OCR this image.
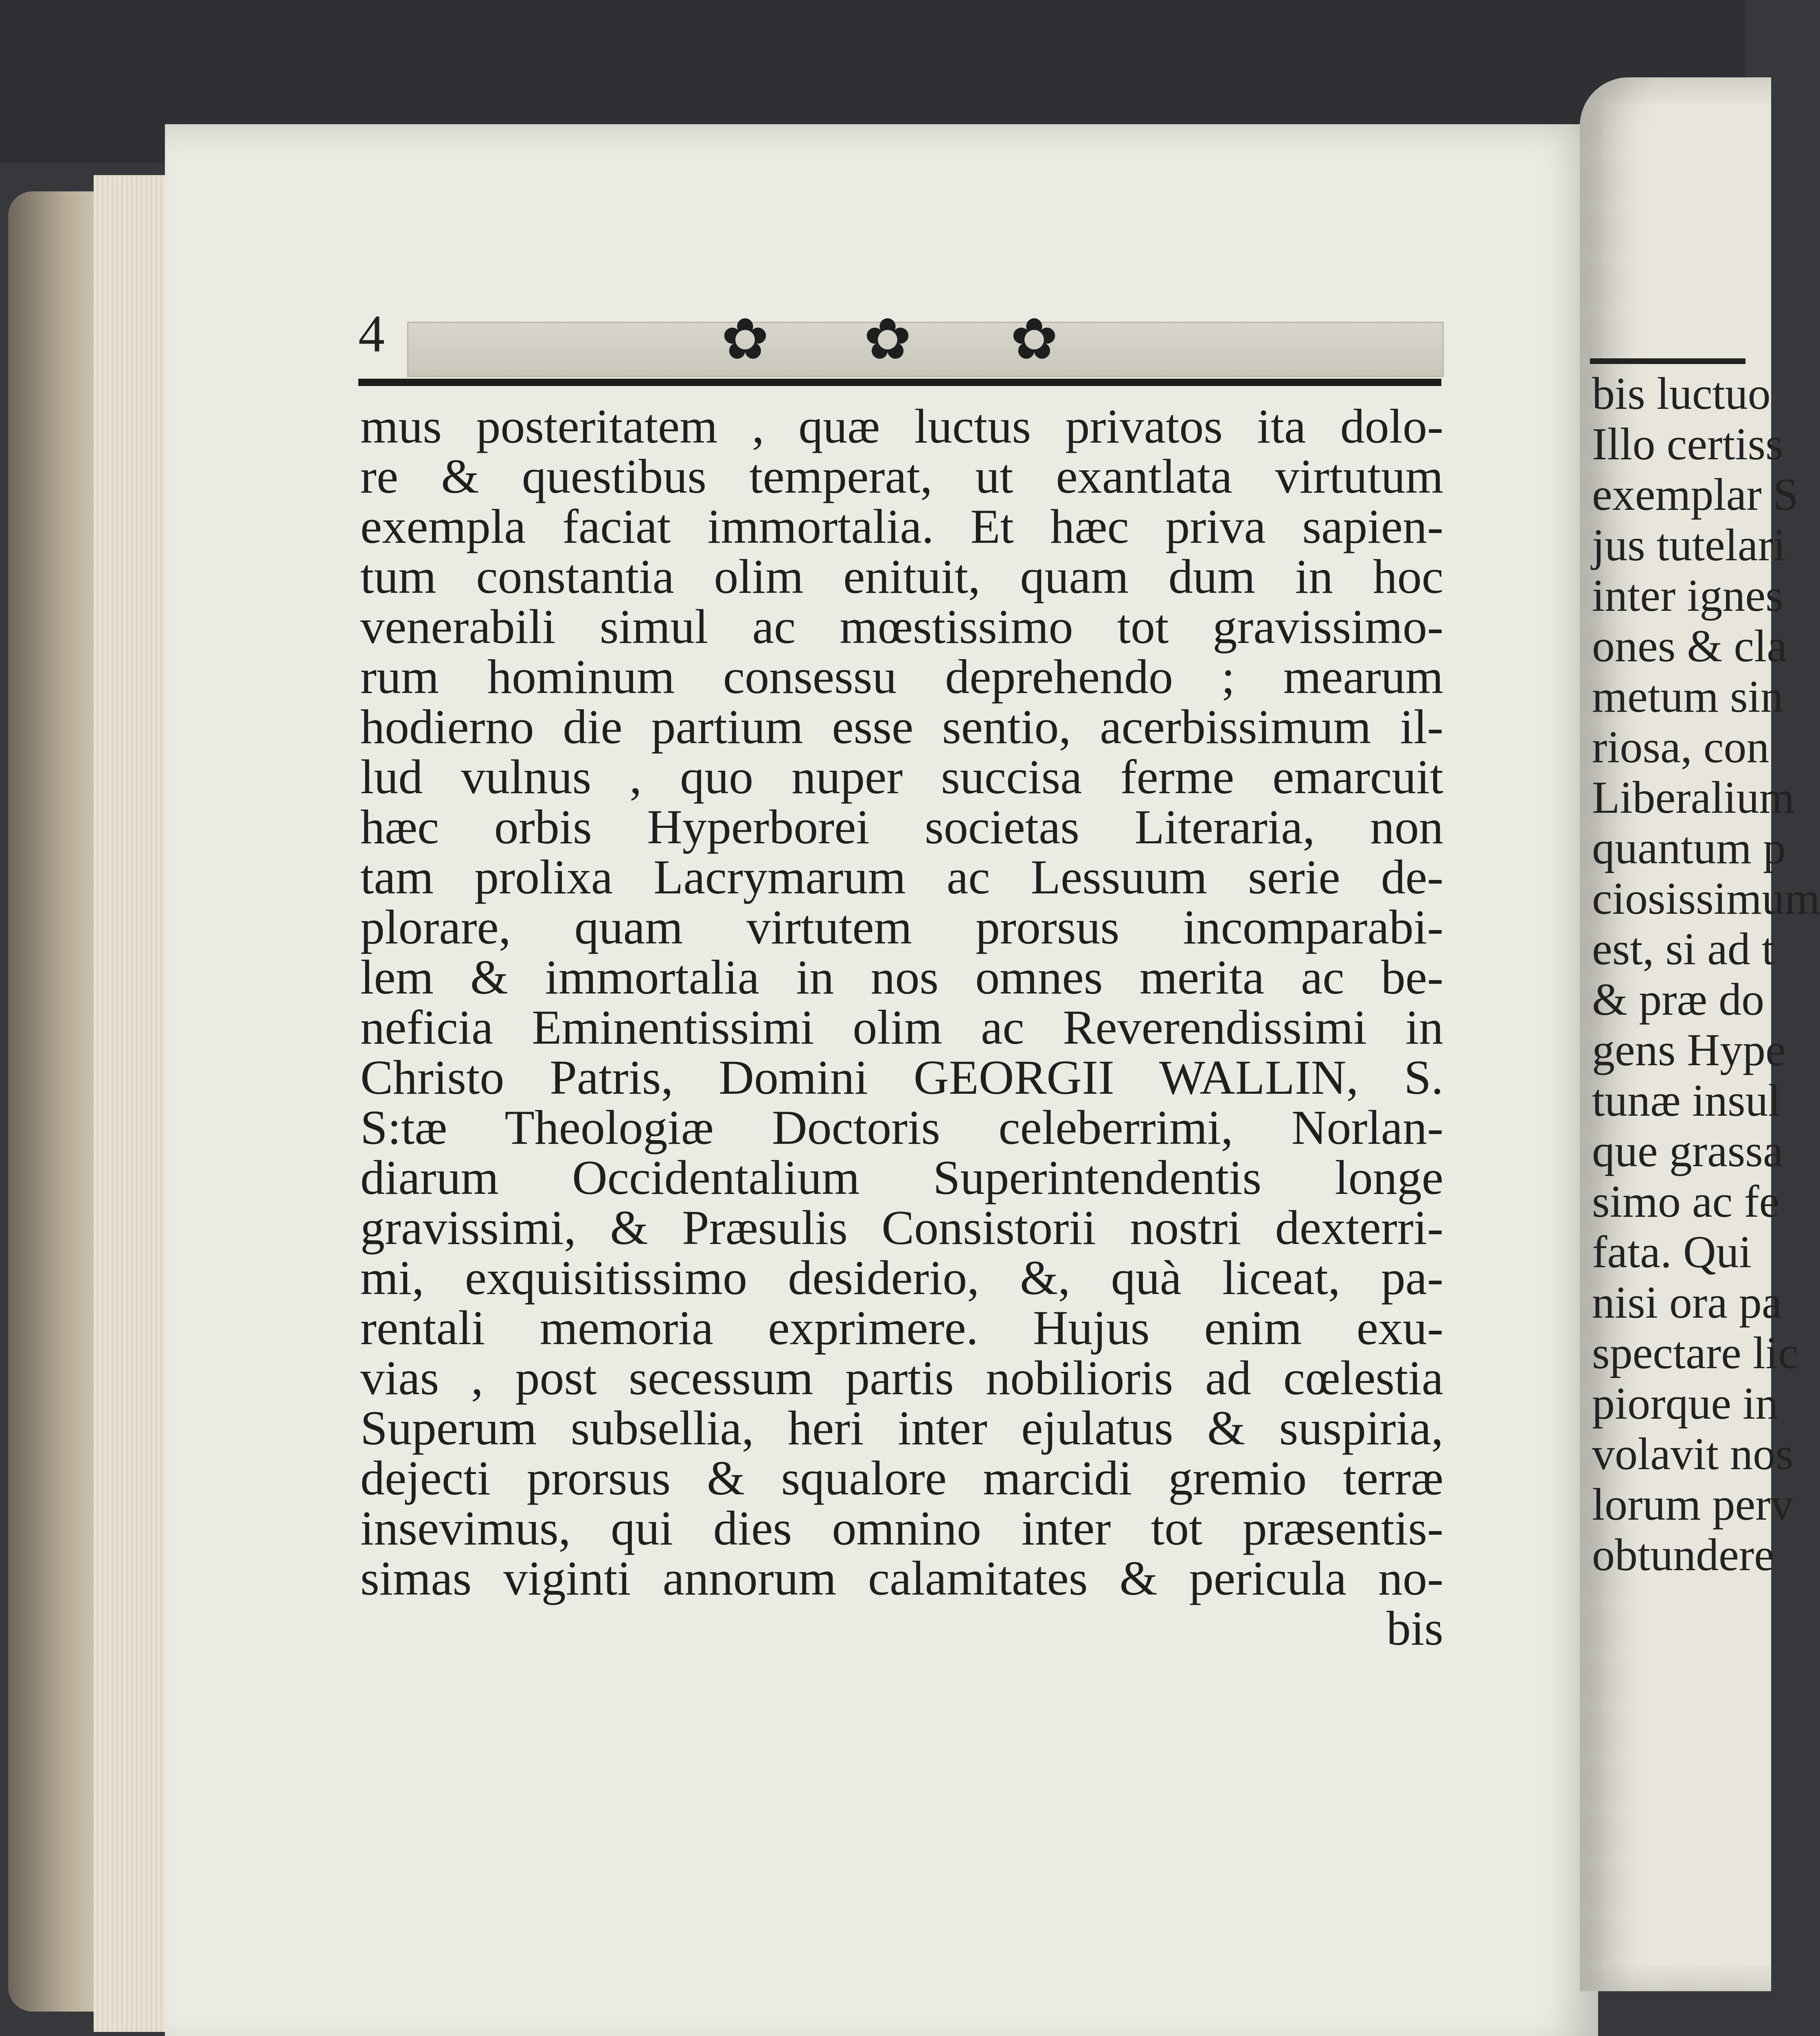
4	✿ ✿ ✿
mus posteritatem , quæ luctus privatos ita dolo-
re & questibus temperat, ut exantlata virtutum
exempla faciat immortalia. Et hæc priva sapien-
tum constantia olim enituit, quam dum in hoc
venerabili simul ac mœstissimo tot gravissimo-
rum hominum consessu deprehendo ; mearum
hodierno die partium esse sentio, acerbissimum il-
lud vulnus , quo nuper succisa ferme emarcuit
hæc orbis Hyperborei societas Literaria, non
tam prolixa Lacrymarum ac Lessuum serie de-
plorare, quam virtutem prorsus incomparabi-
lem & immortalia in nos omnes merita ac be-
neficia Eminentissimi olim ac Reverendissimi in
Christo Patris, Domini GEORGII WALLIN, S.
S:tæ Theologiæ Doctoris celeberrimi, Norlan-
diarum Occidentalium Superintendentis longe
gravissimi, & Præsulis Consistorii nostri dexterri-
mi, exquisitissimo desiderio, &, quà liceat, pa-
rentali memoria exprimere. Hujus enim exu-
vias , post secessum partis nobilioris ad cœlestia
Superum subsellia, heri inter ejulatus & suspiria,
dejecti prorsus & squalore marcidi gremio terræ
insevimus, qui dies omnino inter tot præsentis-
simas viginti annorum calamitates & pericula no-
bis
bis luctuo
Illo certiss
exemplar S
jus tutelari
inter ignes
ones & cla
metum sin
riosa, con
Liberalium
quantum p
ciosissimum
est, si ad t
& præ do
gens Hype
tunæ insul
que grassa
simo ac fe
fata. Qui
nisi ora pa
spectare lic
piorque in
volavit nos
lorum perv
obtundere
